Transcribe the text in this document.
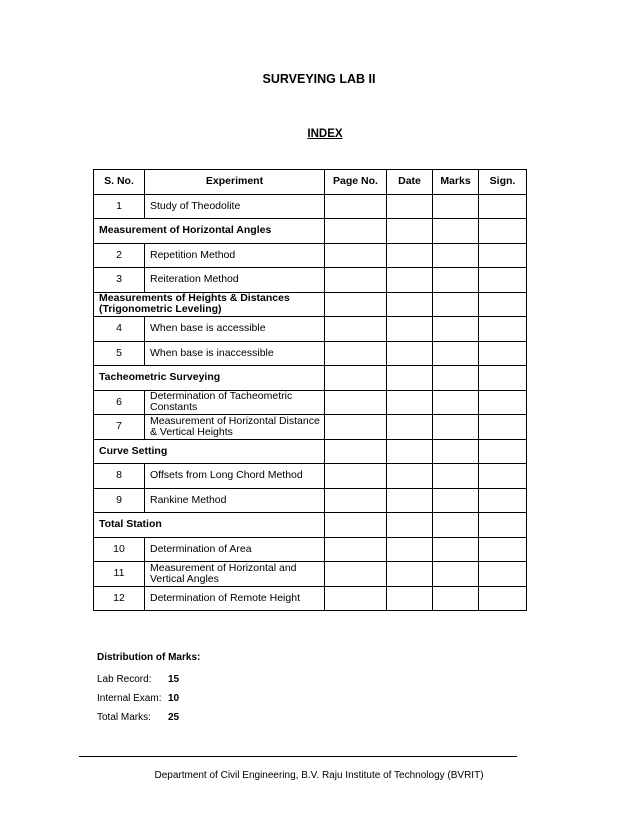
SURVEYING LAB II
INDEX
S. No.	Experiment	Page No.	Date	Marks	Sign.
1	Study of Theodolite				
Measurement of Horizontal Angles					
2	Repetition Method				
3	Reiteration Method				
Measurements of Heights & Distances (Trigonometric Leveling)					
4	When base is accessible				
5	When base is inaccessible				
Tacheometric Surveying					
6	Determination of Tacheometric Constants				
7	Measurement of Horizontal Distance & Vertical Heights				
Curve Setting					
8	Offsets from Long Chord Method				
9	Rankine Method				
Total Station					
10	Determination of Area				
11	Measurement of Horizontal and Vertical Angles				
12	Determination of Remote Height				
Distribution of Marks:
Lab Record:	15
Internal Exam: 10
Total Marks:	25
Department of Civil Engineering, B.V. Raju Institute of Technology (BVRIT)
